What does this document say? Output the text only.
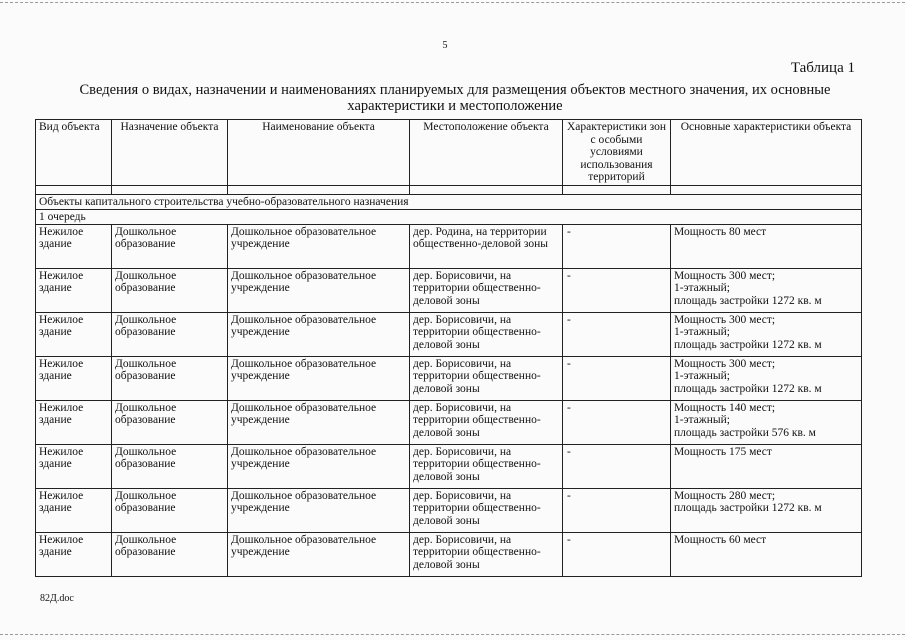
5
Таблица 1
Сведения о видах, назначении и наименованиях планируемых для размещения объектов местного значения, их основные характеристики и местоположение
Вид объекта	Назначение объекта	Наименование объекта	Местоположение объекта	Характеристики зон с особыми условиями использования территорий	Основные характеристики объекта

Объекты капитального строительства учебно-образовательного назначения					
1 очередь					
Нежилое здание	Дошкольное образование	Дошкольное образовательное учреждение	дер. Родина, на территории общественно-деловой зоны	-	Мощность 80 мест

Нежилое здание	Дошкольное образование	Дошкольное образовательное учреждение	дер. Борисовичи, на территории общественно-деловой зоны	-	Мощность 300 мест;
1-этажный;
площадь застройки 1272 кв. м

Нежилое здание	Дошкольное образование	Дошкольное образовательное учреждение	дер. Борисовичи, на территории общественно-деловой зоны	-	Мощность 300 мест;
1-этажный;
площадь застройки 1272 кв. м

Нежилое здание	Дошкольное образование	Дошкольное образовательное учреждение	дер. Борисовичи, на территории общественно-деловой зоны	-	Мощность 300 мест;
1-этажный;
площадь застройки 1272 кв. м

Нежилое здание	Дошкольное образование	Дошкольное образовательное учреждение	дер. Борисовичи, на территории общественно-деловой зоны	-	Мощность 140 мест;
1-этажный;
площадь застройки 576 кв. м

Нежилое здание	Дошкольное образование	Дошкольное образовательное учреждение	дер. Борисовичи, на территории общественно-деловой зоны	-	Мощность 175 мест

Нежилое здание	Дошкольное образование	Дошкольное образовательное учреждение	дер. Борисовичи, на территории общественно-деловой зоны	-	Мощность 280 мест;
площадь застройки 1272 кв. м

Нежилое здание	Дошкольное образование	Дошкольное образовательное учреждение	дер. Борисовичи, на территории общественно-деловой зоны	-	Мощность 60 мест
82Д.doc
